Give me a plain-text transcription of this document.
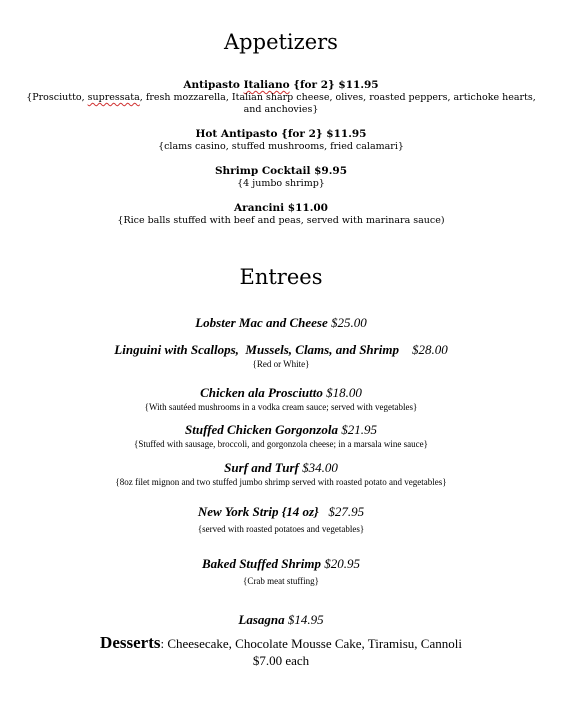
Appetizers
Antipasto Italiano {for 2} $11.95
{Prosciutto, supressata, fresh mozzarella, Italian sharp cheese, olives, roasted peppers, artichoke hearts, and anchovies}
Hot Antipasto {for 2} $11.95
{clams casino, stuffed mushrooms, fried calamari}
Shrimp Cocktail $9.95
{4 jumbo shrimp}
Arancini $11.00
{Rice balls stuffed with beef and peas, served with marinara sauce)
Entrees
Lobster Mac and Cheese $25.00
Linguini with Scallops,  Mussels, Clams, and Shrimp $28.00
{Red or White}
Chicken ala Prosciutto $18.00
{With sautéed mushrooms in a vodka cream sauce; served with vegetables}
Stuffed Chicken Gorgonzola $21.95
{Stuffed with sausage, broccoli, and gorgonzola cheese; in a marsala wine sauce}
Surf and Turf $34.00
{8oz filet mignon and two stuffed jumbo shrimp served with roasted potato and vegetables}
New York Strip {14 oz} $27.95
{served with roasted potatoes and vegetables}
Baked Stuffed Shrimp $20.95
{Crab meat stuffing}
Lasagna $14.95
Desserts: Cheesecake, Chocolate Mousse Cake, Tiramisu, Cannoli
$7.00 each
